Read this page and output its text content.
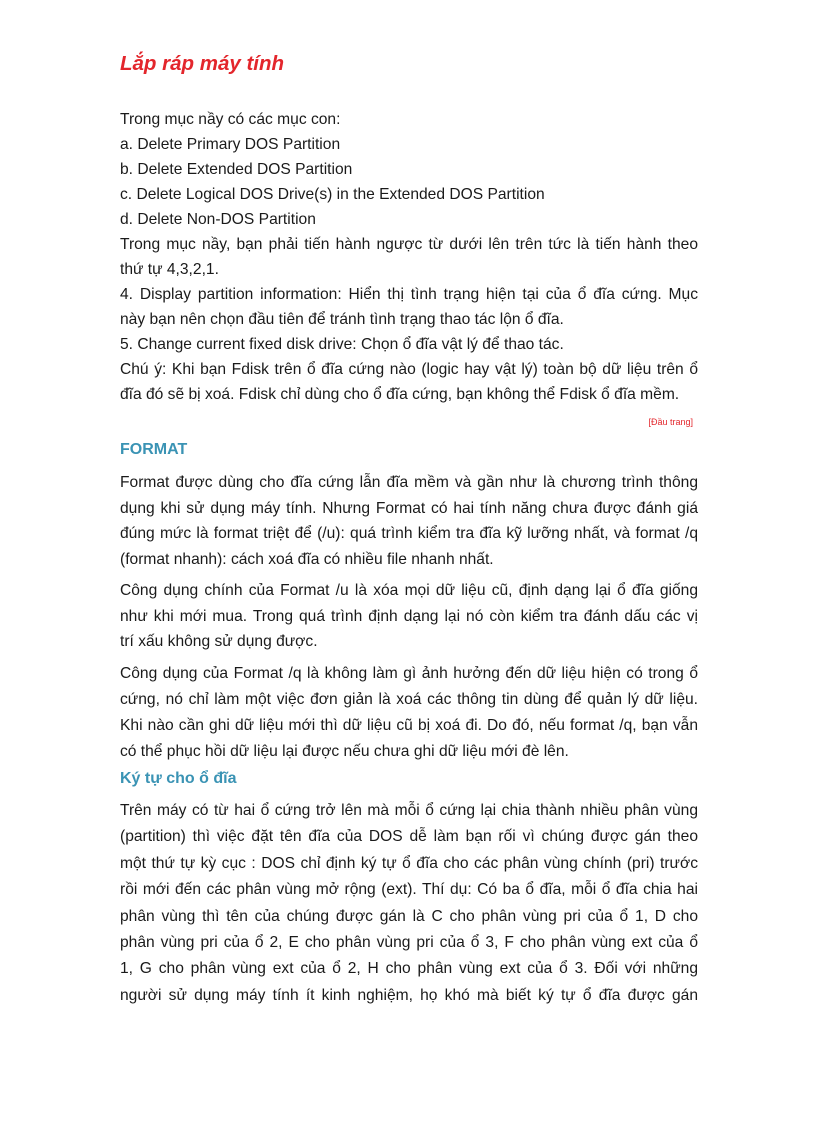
Lắp ráp máy tính
Trong mục nầy có các mục con:
a. Delete Primary DOS Partition
b. Delete Extended DOS Partition
c. Delete Logical DOS Drive(s) in the Extended DOS Partition
d. Delete Non-DOS Partition
Trong mục nầy, bạn phải tiến hành ngược từ dưới lên trên tức là tiến hành theo
thứ tự 4,3,2,1.
4. Display partition information: Hiển thị tình trạng hiện tại của ổ đĩa cứng. Mục
này bạn nên chọn đầu tiên để tránh tình trạng thao tác lộn ổ đĩa.
5. Change current fixed disk drive: Chọn ổ đĩa vật lý để thao tác.
Chú ý: Khi bạn Fdisk trên ổ đĩa cứng nào (logic hay vật lý) toàn bộ dữ liệu trên ổ
đĩa đó sẽ bị xoá. Fdisk chỉ dùng cho ổ đĩa cứng, bạn không thể Fdisk ổ đĩa mềm.
[Đầu trang]
FORMAT
Format được dùng cho đĩa cứng lẫn đĩa mềm và gần như là chương trình thông
dụng khi sử dụng máy tính. Nhưng Format có hai tính năng chưa được đánh giá
đúng mức là format triệt để (/u): quá trình kiểm tra đĩa kỹ lưỡng nhất, và format /q
(format nhanh): cách xoá đĩa có nhiều file nhanh nhất.
Công dụng chính của Format /u là xóa mọi dữ liệu cũ, định dạng lại ổ đĩa giống
như khi mới mua. Trong quá trình định dạng lại nó còn kiểm tra đánh dấu các vị
trí xấu không sử dụng được.
Công dụng của Format /q là không làm gì ảnh hưởng đến dữ liệu hiện có trong ổ
cứng, nó chỉ làm một việc đơn giản là xoá các thông tin dùng để quản lý dữ liệu.
Khi nào cần ghi dữ liệu mới thì dữ liệu cũ bị xoá đi. Do đó, nếu format /q, bạn vẫn
có thể phục hồi dữ liệu lại được nếu chưa ghi dữ liệu mới đè lên.
Ký tự cho ổ đĩa
Trên máy có từ hai ổ cứng trở lên mà mỗi ổ cứng lại chia thành nhiều phân vùng
(partition) thì việc đặt tên đĩa của DOS dễ làm bạn rối vì chúng được gán theo
một thứ tự kỳ cục : DOS chỉ định ký tự ổ đĩa cho các phân vùng chính (pri) trước
rồi mới đến các phân vùng mở rộng (ext). Thí dụ: Có ba ổ đĩa, mỗi ổ đĩa chia hai
phân vùng thì tên của chúng được gán là C cho phân vùng pri của ổ 1, D cho
phân vùng pri của ổ 2, E cho phân vùng pri của ổ 3, F cho phân vùng ext của ổ
1, G cho phân vùng ext của ổ 2, H cho phân vùng ext của ổ 3. Đối với những
người sử dụng máy tính ít kinh nghiệm, họ khó mà biết ký tự ổ đĩa được gán
